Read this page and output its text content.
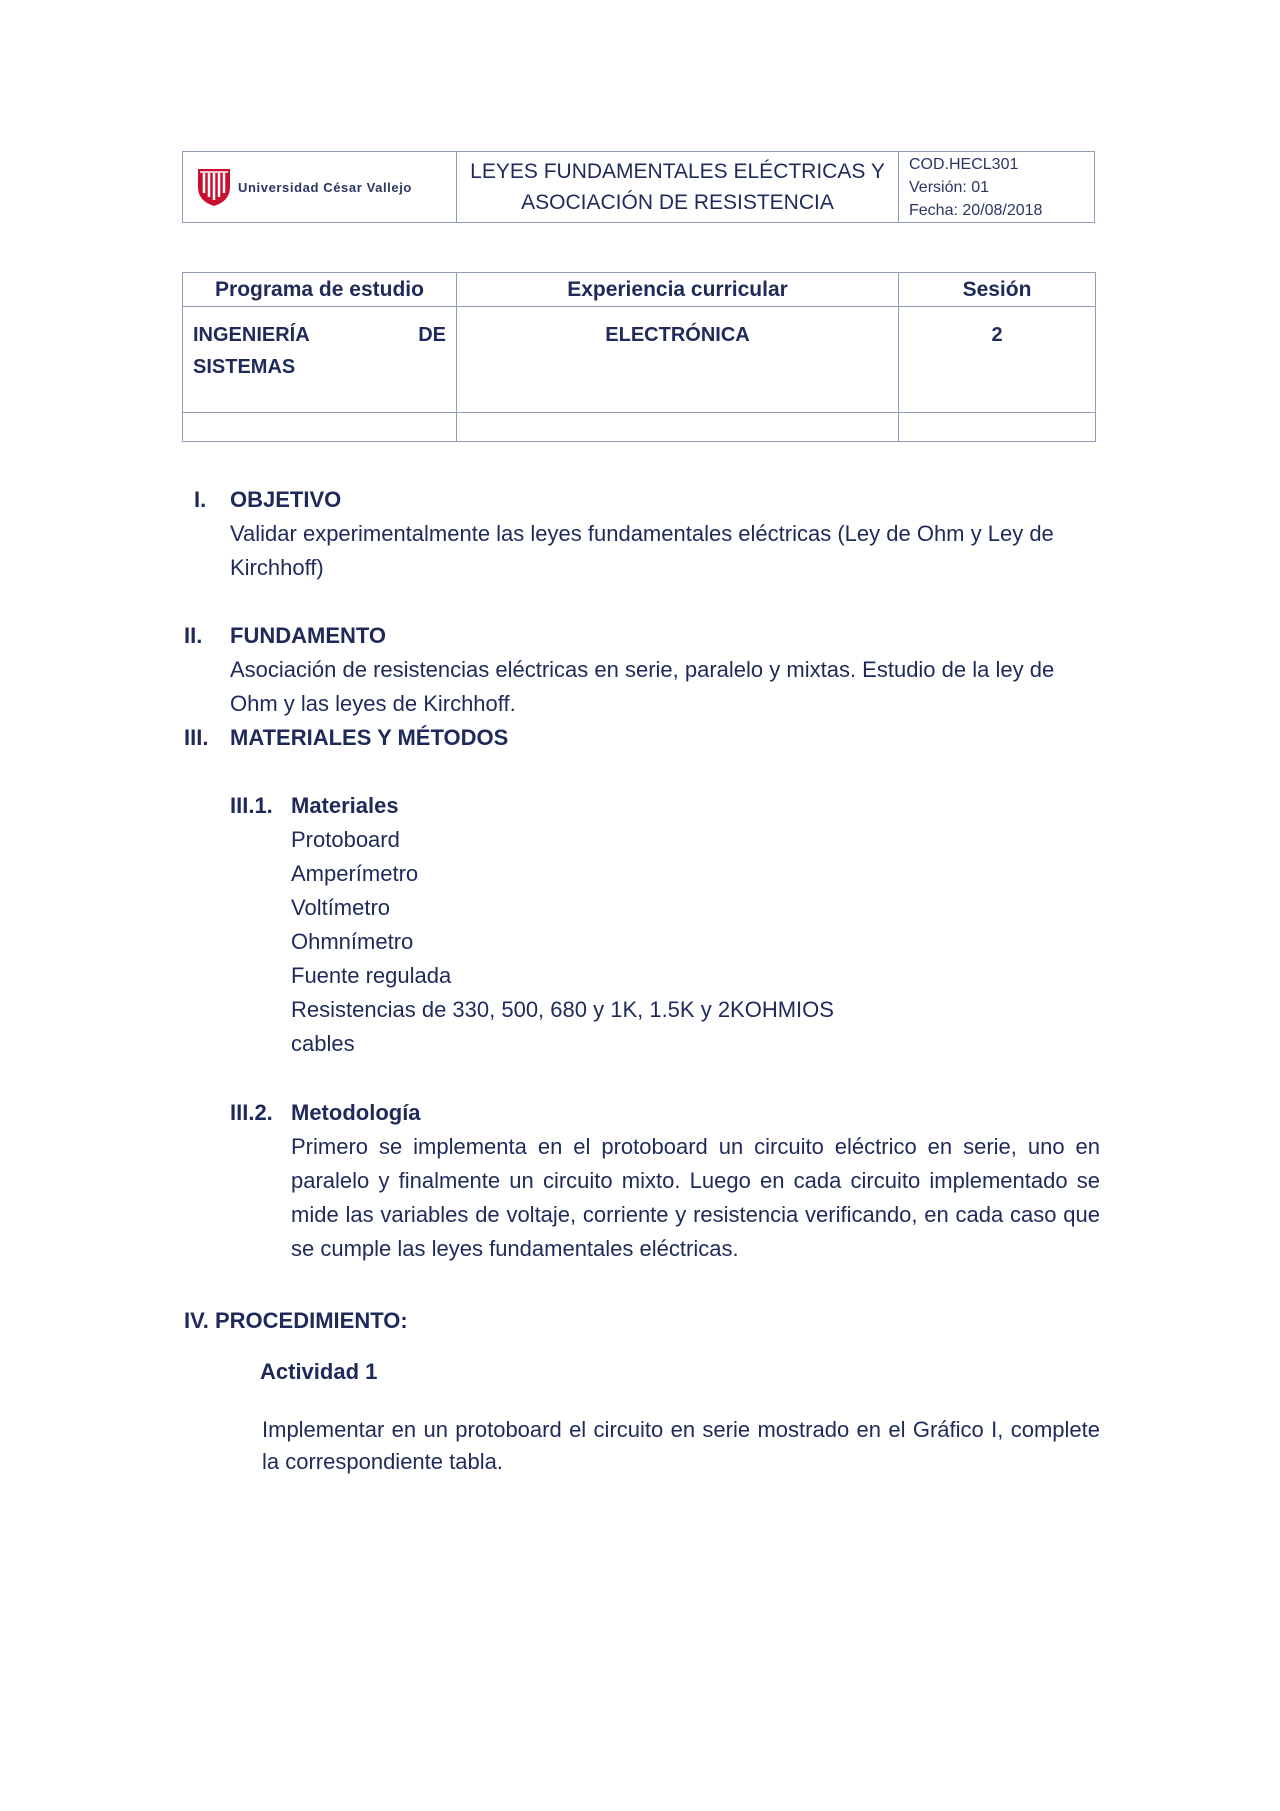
Universidad César Vallejo
LEYES FUNDAMENTALES ELÉCTRICAS Y
ASOCIACIÓN DE RESISTENCIA
COD.HECL301
Versión: 01
Fecha: 20/08/2018
Programa de estudio	Experiencia curricular	Sesión

INGENIERÍA DE
SISTEMAS	ELECTRÓNICA	2

I. OBJETIVO
Validar experimentalmente las leyes fundamentales eléctricas (Ley de Ohm y Ley de Kirchhoff)
II. FUNDAMENTO
Asociación de resistencias eléctricas en serie, paralelo y mixtas. Estudio de la ley de Ohm y las leyes de Kirchhoff.
III. MATERIALES Y MÉTODOS
III.1. Materiales
Protoboard
Amperímetro
Voltímetro
Ohmnímetro
Fuente regulada
Resistencias de 330, 500, 680 y 1K, 1.5K y 2KOHMIOS
cables
III.2. Metodología
Primero se implementa en el protoboard un circuito eléctrico en serie, uno en paralelo y finalmente un circuito mixto. Luego en cada circuito implementado se mide las variables de voltaje, corriente y resistencia verificando, en cada caso que se cumple las leyes fundamentales eléctricas.
IV. PROCEDIMIENTO:
Actividad 1
Implementar en un protoboard el circuito en serie mostrado en el Gráfico I, complete la correspondiente tabla.
